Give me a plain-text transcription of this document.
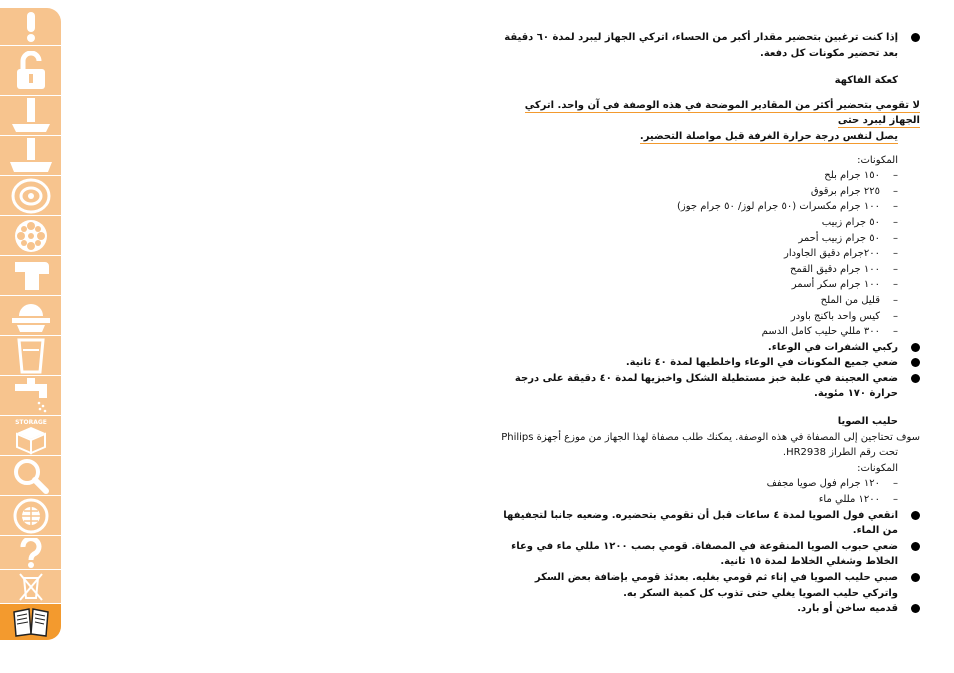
STORAGE
إذا كنت ترغبين بتحضير مقدار أكبر من الحساء، اتركي الجهاز ليبرد لمدة ٦٠ دقيقة بعد تحضير مكونات كل دفعة.
كعكة الفاكهة
لا تقومي بتحضير أكثر من المقادير الموضحة في هذه الوصفة في آن واحد. اتركي الجهاز ليبرد حتى
يصل لنفس درجة حرارة الغرفة قبل مواصلة التحضير.
المكونات:
– ١٥٠ جرام بلح
– ٢٢٥ جرام برقوق
– ١٠٠ جرام مكسرات (٥٠ جرام لوز/ ٥٠ جرام جوز)
– ٥٠ جرام زبيب
– ٥٠ جرام زبيب أحمر
– ٢٠٠جرام دقيق الجاودار
– ١٠٠ جرام دقيق القمح
– ١٠٠ جرام سكر أسمر
– قليل من الملح
– كيس واحد باكنج باودر
– ٣٠٠ مللي حليب كامل الدسم
ركبي الشفرات في الوعاء.
ضعي جميع المكونات في الوعاء واخلطيها لمدة ٤٠ ثانية.
ضعي العجينة في علبة خبز مستطيلة الشكل واخبزيها لمدة ٤٠ دقيقة على درجة حرارة ١٧٠ مئوية.
حليب الصويا
سوف تحتاجين إلى المصفاة في هذه الوصفة. يمكنك طلب مصفاة لهذا الجهاز من موزع أجهزة Philips
تحت رقم الطراز HR2938.
المكونات:
– ١٢٠ جرام فول صويا مجفف
– ١٢٠٠ مللي ماء
انقعي فول الصويا لمدة ٤ ساعات قبل أن تقومي بتحضيره. وضعيه جانبا لتجفيفها من الماء.
ضعي حبوب الصويا المنقوعة في المصفاة. قومي بصب ١٢٠٠ مللي ماء في وعاء الخلاط وشغلي الخلاط لمدة ١٥ ثانية.
صبي حليب الصويا في إناء ثم قومي بغليه. بعدئذ قومي بإضافة بعض السكر واتركي حليب الصويا يغلي حتى تذوب كل كمية السكر به.
قدميه ساخن أو بارد.
